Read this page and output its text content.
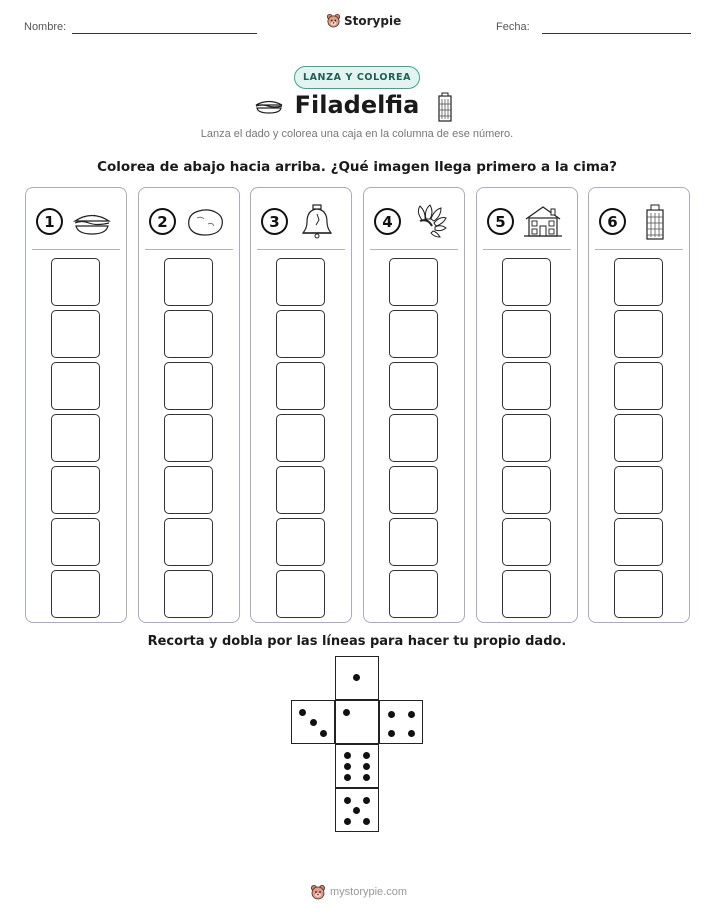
Nombre:	Storypie	Fecha:
LANZA Y COLOREA
Filadelfia
Lanza el dado y colorea una caja en la columna de ese número.
Colorea de abajo hacia arriba. ¿Qué imagen llega primero a la cima?
1	2	3	4	5	6
Recorta y dobla por las líneas para hacer tu propio dado.
mystorypie.com
